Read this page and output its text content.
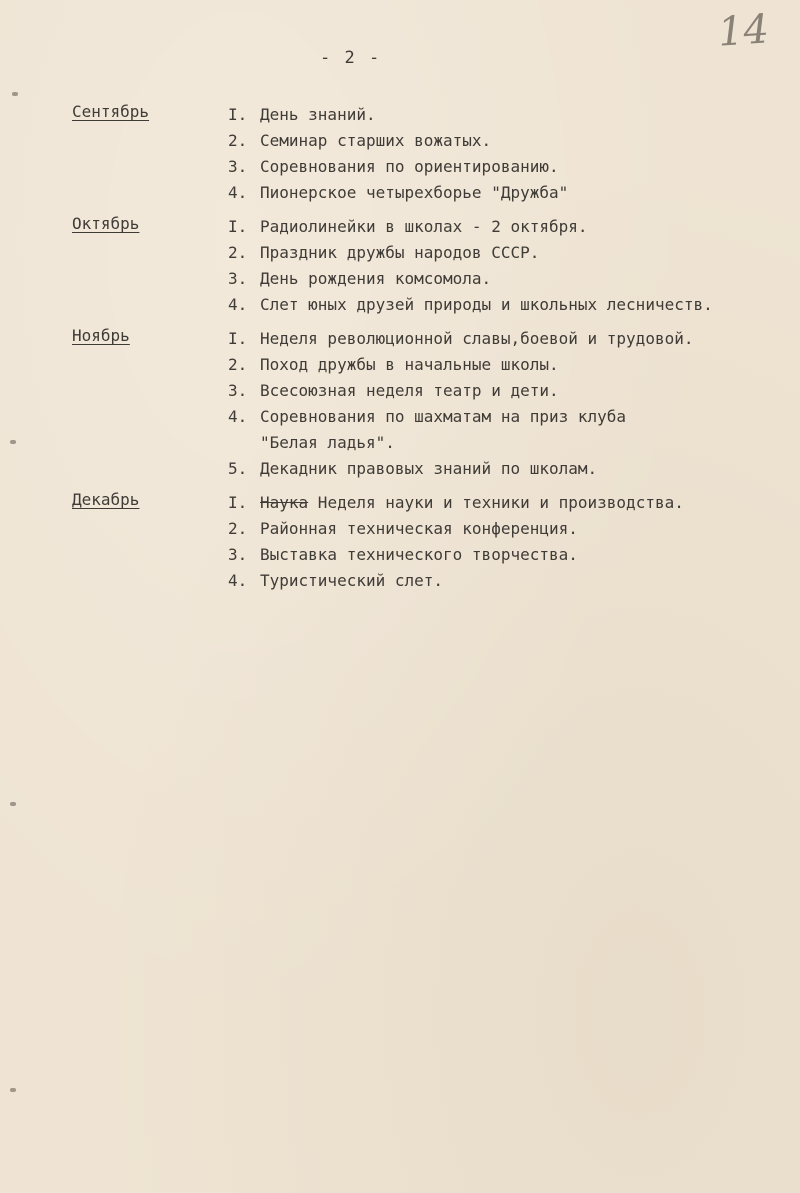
- 2 -
14
Сентябрь	I. День знаний.
2. Семинар старших вожатых.
3. Соревнования по ориентированию.
4. Пионерское четырехборье "Дружба"
Октябрь	I. Радиолинейки в школах - 2 октября.
2. Праздник дружбы народов СССР.
3. День рождения комсомола.
4. Слет юных друзей природы и школьных лесничеств.
Ноябрь	I. Неделя революционной славы,боевой и трудовой.
2. Поход дружбы в начальные школы.
3. Всесоюзная неделя театр и дети.
4. Соревнования по шахматам на приз клуба
"Белая ладья".
5. Декадник правовых знаний по школам.
Декабрь	I. Наука Неделя науки и техники и производства.
2. Районная техническая конференция.
3. Выставка технического творчества.
4. Туристический слет.
